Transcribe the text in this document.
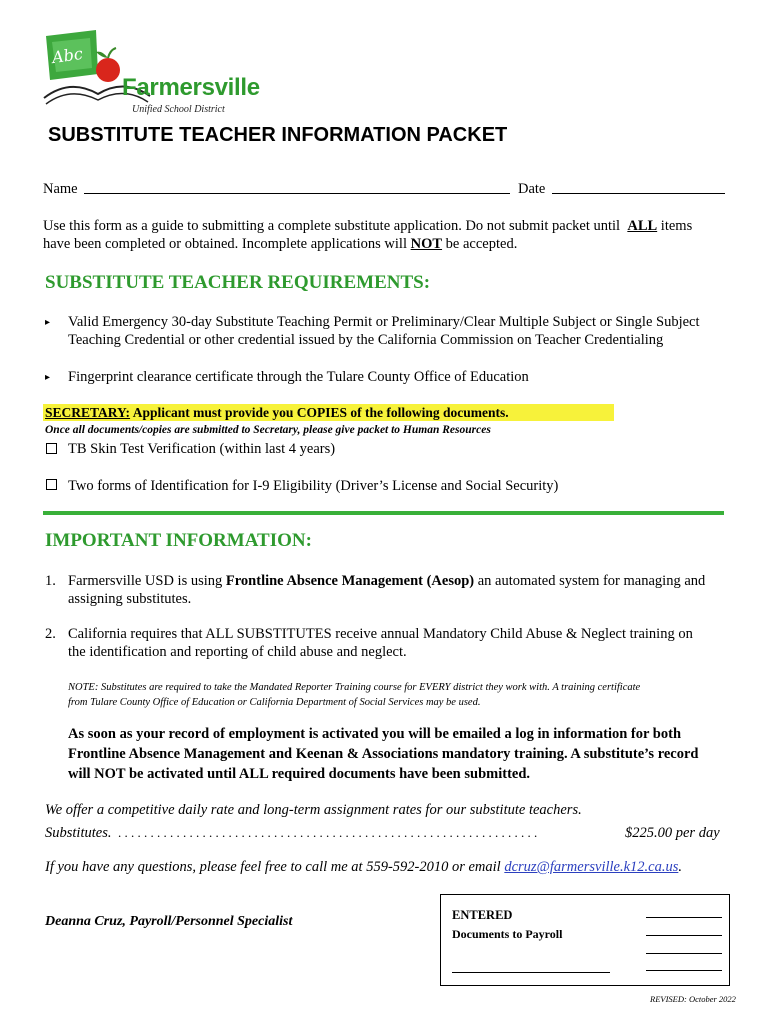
Abc
Farmersville
Unified School District
SUBSTITUTE TEACHER INFORMATION PACKET
Name	Date
Use this form as a guide to submitting a complete substitute application. Do not submit packet until ALL items
have been completed or obtained. Incomplete applications will NOT be accepted.
SUBSTITUTE TEACHER REQUIREMENTS:
▸ Valid Emergency 30-day Substitute Teaching Permit or Preliminary/Clear Multiple Subject or Single Subject
Teaching Credential or other credential issued by the California Commission on Teacher Credentialing
▸ Fingerprint clearance certificate through the Tulare County Office of Education
SECRETARY: Applicant must provide you COPIES of the following documents.
Once all documents/copies are submitted to Secretary, please give packet to Human Resources
TB Skin Test Verification (within last 4 years)
Two forms of Identification for I-9 Eligibility (Driver’s License and Social Security)
IMPORTANT INFORMATION:
1. Farmersville USD is using Frontline Absence Management (Aesop) an automated system for managing and
assigning substitutes.
2. California requires that ALL SUBSTITUTES receive annual Mandatory Child Abuse & Neglect training on
the identification and reporting of child abuse and neglect.
NOTE: Substitutes are required to take the Mandated Reporter Training course for EVERY district they work with. A training certificate
from Tulare County Office of Education or California Department of Social Services may be used.
As soon as your record of employment is activated you will be emailed a log in information for both
Frontline Absence Management and Keenan & Associations mandatory training. A substitute’s record
will NOT be activated until ALL required documents have been submitted.
We offer a competitive daily rate and long-term assignment rates for our substitute teachers.
Substitutes. . . . . . . . . . . . . . . . . . . . . . . . . . . . . . . . . . . . . . . . . . . . . . . . . . . . . . . . . . . . . . . . . .	$225.00 per day
If you have any questions, please feel free to call me at 559-592-2010 or email dcruz@farmersville.k12.ca.us.
Deanna Cruz, Payroll/Personnel Specialist	ENTERED
Documents to Payroll
REVISED: October 2022
